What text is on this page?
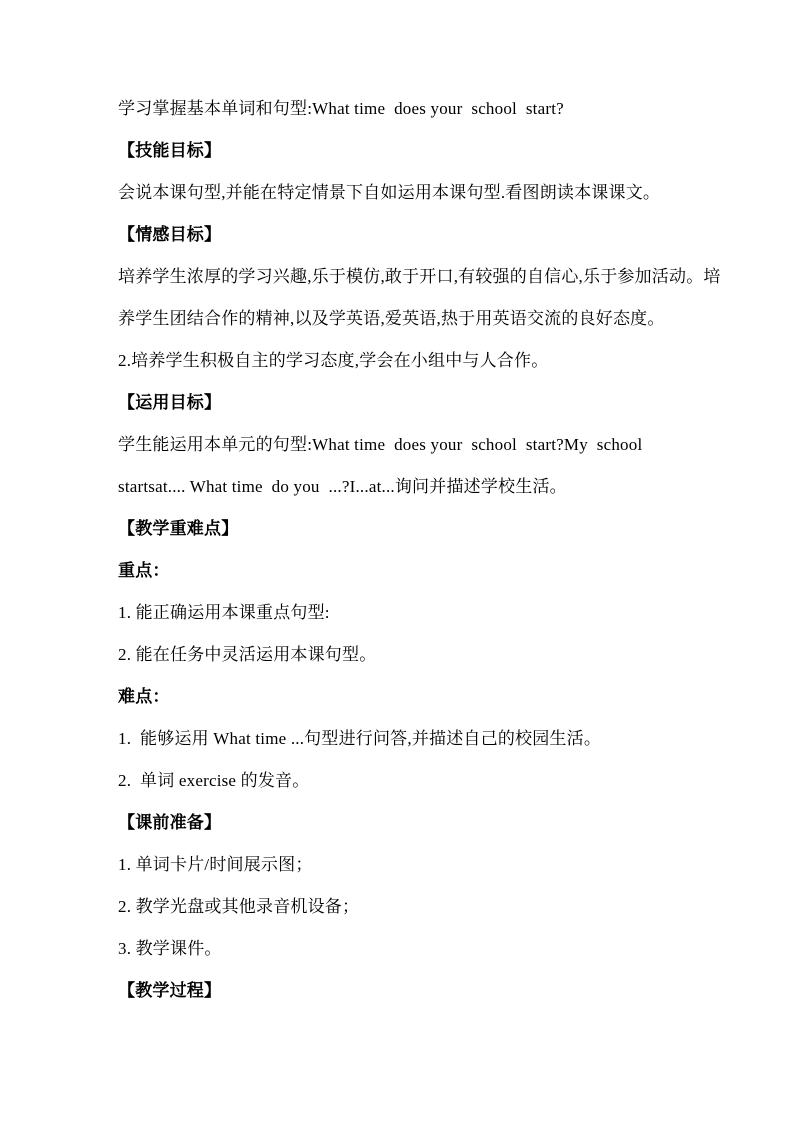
学习掌握基本单词和句型:What time  does your  school  start?
【技能目标】
会说本课句型,并能在特定情景下自如运用本课句型.看图朗读本课课文。
【情感目标】
培养学生浓厚的学习兴趣,乐于模仿,敢于开口,有较强的自信心,乐于参加活动。培
养学生团结合作的精神,以及学英语,爱英语,热于用英语交流的良好态度。
2.培养学生积极自主的学习态度,学会在小组中与人合作。
【运用目标】
学生能运用本单元的句型:What time  does your  school  start?My  school
startsat.... What time  do you  ...?I...at...询问并描述学校生活。
【教学重难点】
重点：
1. 能正确运用本课重点句型:
2. 能在任务中灵活运用本课句型。
难点：
1.  能够运用 What time ...句型进行问答,并描述自己的校园生活。
2.  单词 exercise 的发音。
【课前准备】
1. 单词卡片/时间展示图；
2. 教学光盘或其他录音机设备；
3. 教学课件。
【教学过程】
